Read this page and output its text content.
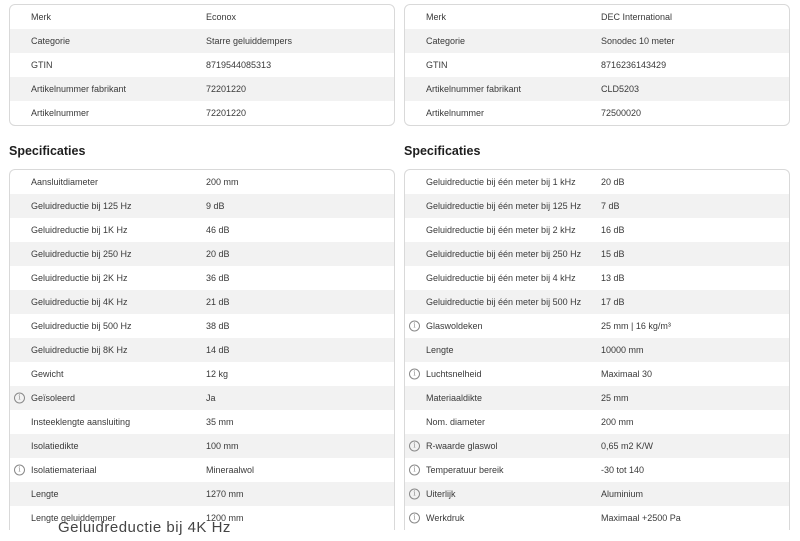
Merk	Econox
Categorie	Starre geluiddempers
GTIN	8719544085313
Artikelnummer fabrikant	72201220
Artikelnummer	72201220
Specificaties
Aansluitdiameter	200 mm
Geluidreductie bij 125 Hz	9 dB
Geluidreductie bij 1K Hz	46 dB
Geluidreductie bij 250 Hz	20 dB
Geluidreductie bij 2K Hz	36 dB
Geluidreductie bij 4K Hz	21 dB
Geluidreductie bij 500 Hz	38 dB
Geluidreductie bij 8K Hz	14 dB
Gewicht	12 kg
i	Geïsoleerd	Ja
Insteeklengte aansluiting	35 mm
Isolatiedikte	100 mm
i	Isolatiemateriaal	Mineraalwol
Lengte	1270 mm
Lengte geluiddemper	1200 mm
Merk	DEC International
Categorie	Sonodec 10 meter
GTIN	8716236143429
Artikelnummer fabrikant	CLD5203
Artikelnummer	72500020
Specificaties
Geluidreductie bij één meter bij 1 kHz	20 dB
Geluidreductie bij één meter bij 125 Hz	7 dB
Geluidreductie bij één meter bij 2 kHz	16 dB
Geluidreductie bij één meter bij 250 Hz	15 dB
Geluidreductie bij één meter bij 4 kHz	13 dB
Geluidreductie bij één meter bij 500 Hz	17 dB
i	Glaswoldeken	25 mm | 16 kg/m³
Lengte	10000 mm
i	Luchtsnelheid	Maximaal 30
Materiaaldikte	25 mm
Nom. diameter	200 mm
i	R-waarde glaswol	0,65 m2 K/W
i	Temperatuur bereik	-30 tot 140
i	Uiterlijk	Aluminium
i	Werkdruk	Maximaal +2500 Pa
Geluidreductie bij 4K Hz
